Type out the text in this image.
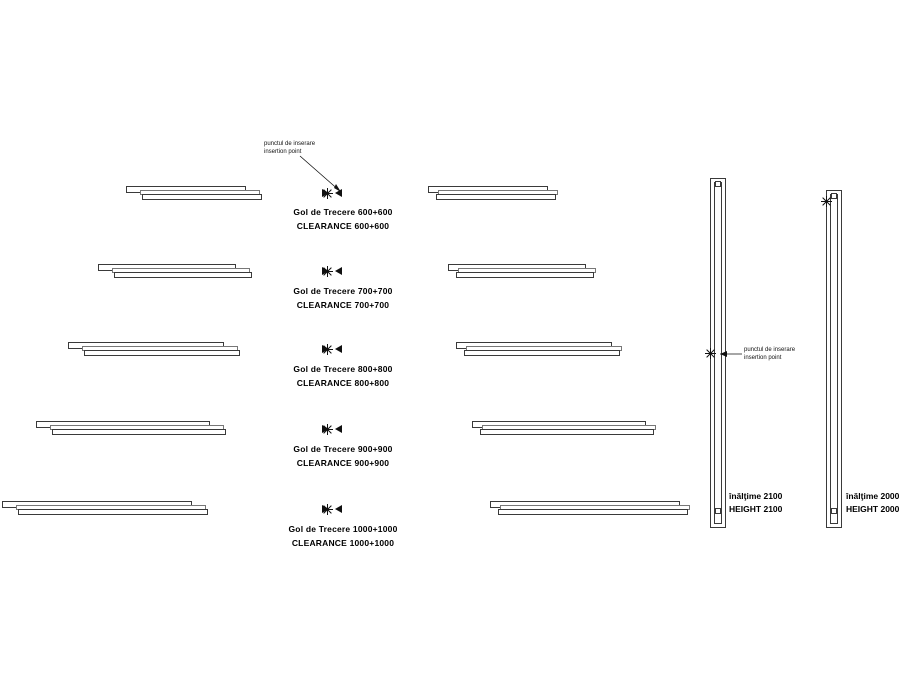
punctul de inserare
insertion point
Gol de Trecere 600+600
CLEARANCE 600+600
Gol de Trecere 700+700
CLEARANCE 700+700
Gol de Trecere 800+800
CLEARANCE 800+800
Gol de Trecere 900+900
CLEARANCE 900+900
Gol de Trecere 1000+1000
CLEARANCE 1000+1000
punctul de inserare
insertion point
înălţime 2100
HEIGHT 2100
înălţime 2000
HEIGHT 2000
